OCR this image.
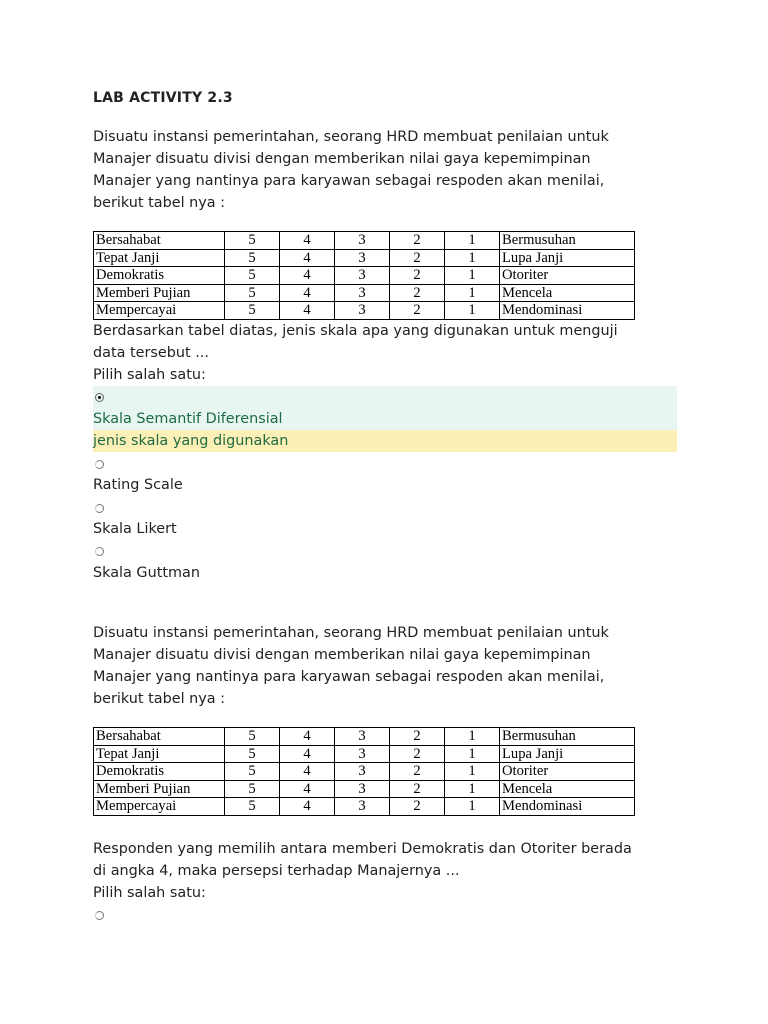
LAB ACTIVITY 2.3
Disuatu instansi pemerintahan, seorang HRD membuat penilaian untuk
Manajer disuatu divisi dengan memberikan nilai gaya kepemimpinan
Manajer yang nantinya para karyawan sebagai respoden akan menilai,
berikut tabel nya :
Bersahabat	5	4	3	2	1	Bermusuhan
Tepat Janji	5	4	3	2	1	Lupa Janji
Demokratis	5	4	3	2	1	Otoriter
Memberi Pujian	5	4	3	2	1	Mencela
Mempercayai	5	4	3	2	1	Mendominasi
Berdasarkan tabel diatas, jenis skala apa yang digunakan untuk menguji
data tersebut ...
Pilih salah satu:
Skala Semantif Diferensial
jenis skala yang digunakan
Rating Scale
Skala Likert
Skala Guttman
Disuatu instansi pemerintahan, seorang HRD membuat penilaian untuk
Manajer disuatu divisi dengan memberikan nilai gaya kepemimpinan
Manajer yang nantinya para karyawan sebagai respoden akan menilai,
berikut tabel nya :
Bersahabat	5	4	3	2	1	Bermusuhan
Tepat Janji	5	4	3	2	1	Lupa Janji
Demokratis	5	4	3	2	1	Otoriter
Memberi Pujian	5	4	3	2	1	Mencela
Mempercayai	5	4	3	2	1	Mendominasi
Responden yang memilih antara memberi Demokratis dan Otoriter berada
di angka 4, maka persepsi terhadap Manajernya ...
Pilih salah satu:
